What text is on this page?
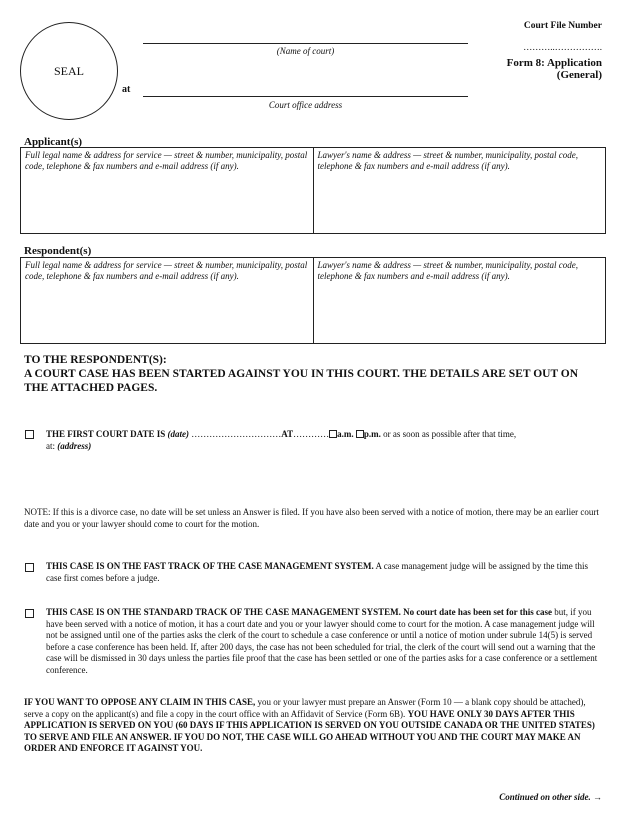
SEAL
(Name of court)
at
Court office address
Court File Number
………..…………….
Form 8: Application
(General)
Applicant(s)
Full legal name & address for service — street & number, municipality, postal code, telephone & fax numbers and e-mail address (if any).
Lawyer's name & address — street & number, municipality, postal code, telephone & fax numbers and e-mail address (if any).
Respondent(s)
Full legal name & address for service — street & number, municipality, postal code, telephone & fax numbers and e-mail address (if any).
Lawyer's name & address — street & number, municipality, postal code, telephone & fax numbers and e-mail address (if any).
TO THE RESPONDENT(S):
A COURT CASE HAS BEEN STARTED AGAINST YOU IN THIS COURT. THE DETAILS ARE SET OUT ON THE ATTACHED PAGES.
THE FIRST COURT DATE IS (date) …………………………AT………… a.m. p.m. or as soon as possible after that time,
at: (address)
NOTE: If this is a divorce case, no date will be set unless an Answer is filed. If you have also been served with a notice of motion, there may be an earlier court date and you or your lawyer should come to court for the motion.
THIS CASE IS ON THE FAST TRACK OF THE CASE MANAGEMENT SYSTEM. A case management judge will be assigned by the time this case first comes before a judge.
THIS CASE IS ON THE STANDARD TRACK OF THE CASE MANAGEMENT SYSTEM. No court date has been set for this case but, if you have been served with a notice of motion, it has a court date and you or your lawyer should come to court for the motion. A case management judge will not be assigned until one of the parties asks the clerk of the court to schedule a case conference or until a notice of motion under subrule 14(5) is served before a case conference has been held. If, after 200 days, the case has not been scheduled for trial, the clerk of the court will send out a warning that the case will be dismissed in 30 days unless the parties file proof that the case has been settled or one of the parties asks for a case conference or a settlement conference.
IF YOU WANT TO OPPOSE ANY CLAIM IN THIS CASE, you or your lawyer must prepare an Answer (Form 10 — a blank copy should be attached), serve a copy on the applicant(s) and file a copy in the court office with an Affidavit of Service (Form 6B). YOU HAVE ONLY 30 DAYS AFTER THIS APPLICATION IS SERVED ON YOU (60 DAYS IF THIS APPLICATION IS SERVED ON YOU OUTSIDE CANADA OR THE UNITED STATES) TO SERVE AND FILE AN ANSWER. IF YOU DO NOT, THE CASE WILL GO AHEAD WITHOUT YOU AND THE COURT MAY MAKE AN ORDER AND ENFORCE IT AGAINST YOU.
Continued on other side. →
